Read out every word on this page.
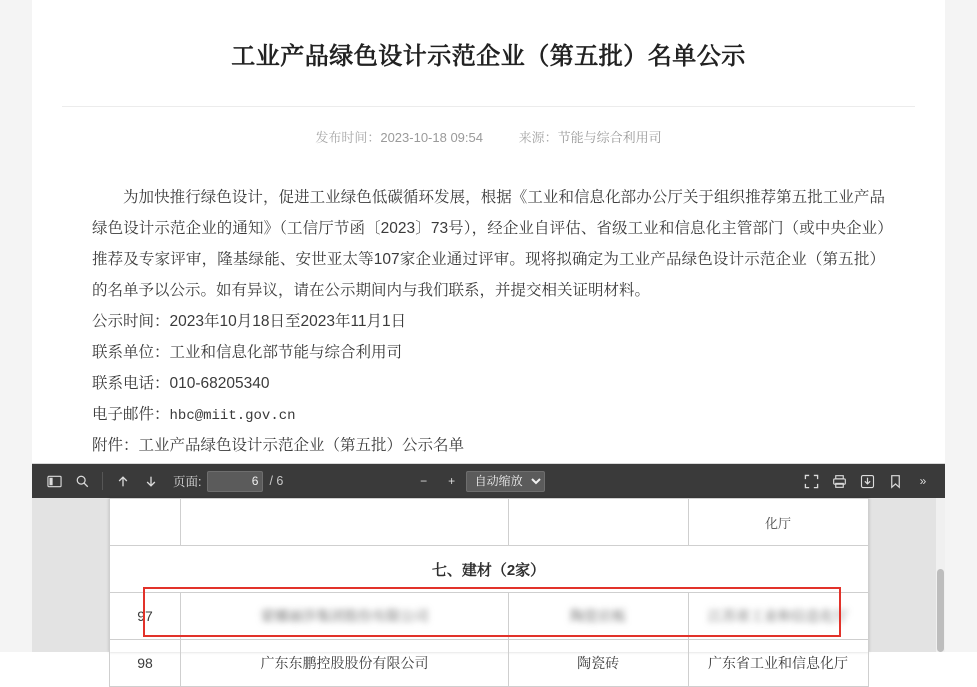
工业产品绿色设计示范企业（第五批）名单公示
发布时间：2023-10-18 09:54	来源：节能与综合利用司

为加快推行绿色设计，促进工业绿色低碳循环发展，根据《工业和信息化部办公厅关于组织推荐第五批工业产品绿色设计示范企业的通知》（工信厅节函〔2023〕73号），经企业自评估、省级工业和信息化主管部门（或中央企业）推荐及专家评审，隆基绿能、安世亚太等107家企业通过评审。现将拟确定为工业产品绿色设计示范企业（第五批）的名单予以公示。如有异议，请在公示期间内与我们联系，并提交相关证明材料。

公示时间：2023年10月18日至2023年11月1日

联系单位：工业和信息化部节能与综合利用司

联系电话：010-68205340

电子邮件：hbc@miit.gov.cn

附件：工业产品绿色设计示范企业（第五批）公示名单

页面:
6	/ 6	−	+
自动缩放	»
			化厅
七、建材（2家）			
97	蒙娜丽莎集团股份有限公司	陶瓷岩板	江苏省工业和信息化厅
98	广东东鹏控股股份有限公司	陶瓷砖	广东省工业和信息化厅
